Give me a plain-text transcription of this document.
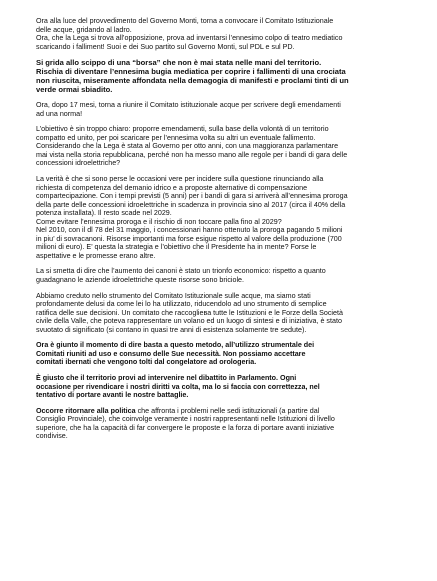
Ora alla luce del provvedimento del Governo Monti, torna a convocare il Comitato Istituzionale
delle acque, gridando al ladro.
Ora, che la Lega si trova all’opposizione, prova ad inventarsi l’ennesimo colpo di teatro mediatico
scaricando i falliment! Suoi e dei Suo partito sul Governo Monti, sul PDL e sul PD.

Si grida allo scippo di una “borsa” che non è mai stata nelle mani del territorio.
Rischia di diventare l’ennesima bugia mediatica per coprire i fallimenti di una crociata
non riuscita, miseramente affondata nella demagogia di manifesti e proclami tinti di un
verde ormai sbiadito.

Ora, dopo 17 mesi, torna a riunire il Comitato istituzionale acque per scrivere degli emendamenti
ad una norma!

L’obiettivo è sin troppo chiaro: proporre emendamenti, sulla base della volontà di un territorio
compatto ed unito, per poi scaricare per l’ennesima volta su altri un eventuale fallimento.
Considerando che la Lega è stata al Governo per otto anni, con una maggioranza parlamentare
mai vista nella storia repubblicana, perché non ha messo mano alle regole per i bandi di gara delle
concessioni idroelettriche?

La verità è che si sono perse le occasioni vere per incidere sulla questione rinunciando alla
richiesta di competenza del demanio idrico e a proposte alternative di compensazione
compartecipazione. Con i tempi previsti (5 anni) per i bandi di gara si arriverà all’ennesima proroga
della parte delle concessioni idroelettriche in scadenza in provincia sino al 2017 (circa il 40% della
potenza installata). Il resto scade nel 2029.
Come evitare l’ennesima proroga e il rischio di non toccare palla fino al 2029?
Nel 2010, con il dl 78 del 31 maggio, i concessionari hanno ottenuto la proroga pagando 5 milioni
in piu’ di sovracanoni. Risorse importanti ma forse esigue rispetto al valore della produzione (700
milioni di euro). E’ questa la strategia e l’obiettivo che il Presidente ha in mente? Forse le
aspettative e le promesse erano altre.

La si smetta di dire che l’aumento dei canoni è stato un trionfo economico: rispetto a quanto
guadagnano le aziende idroelettriche queste risorse sono briciole.

Abbiamo creduto nello strumento del Comitato Istituzionale sulle acque, ma siamo stati
profondamente delusi da come lei lo ha utilizzato, riducendolo ad uno strumento di semplice
ratifica delle sue decisioni. Un comitato che raccogliева tutte le Istituzioni e le Forze della Società
civile della Valle, che poteva rappresentare un volano ed un luogo di sintesi e di iniziativa, è stato
svuotato di significato (si contano in quasi tre anni di esistenza solamente tre sedute).

Ora è giunto il momento di dire basta a questo metodo, all’utilizzo strumentale dei
Comitati riuniti ad uso e consumo delle Sue necessità. Non possiamo accettare
comitati ibernati che vengono tolti dal congelatore ad orologeria.

È giusto che il territorio provi ad intervenire nel dibattito in Parlamento. Ogni
occasione per rivendicare i nostri diritti va colta, ma lo si faccia con correttezza, nel
tentativo di portare avanti le nostre battaglie.

Occorre ritornare alla politica che affronta i problemi nelle sedi istituzionali (a partire dal
Consiglio Provinciale), che coinvolge veramente i nostri rappresentanti nelle Istituzioni di livello
superiore, che ha la capacità di far convergere le proposte e la forza di portare avanti iniziative
condivise.
